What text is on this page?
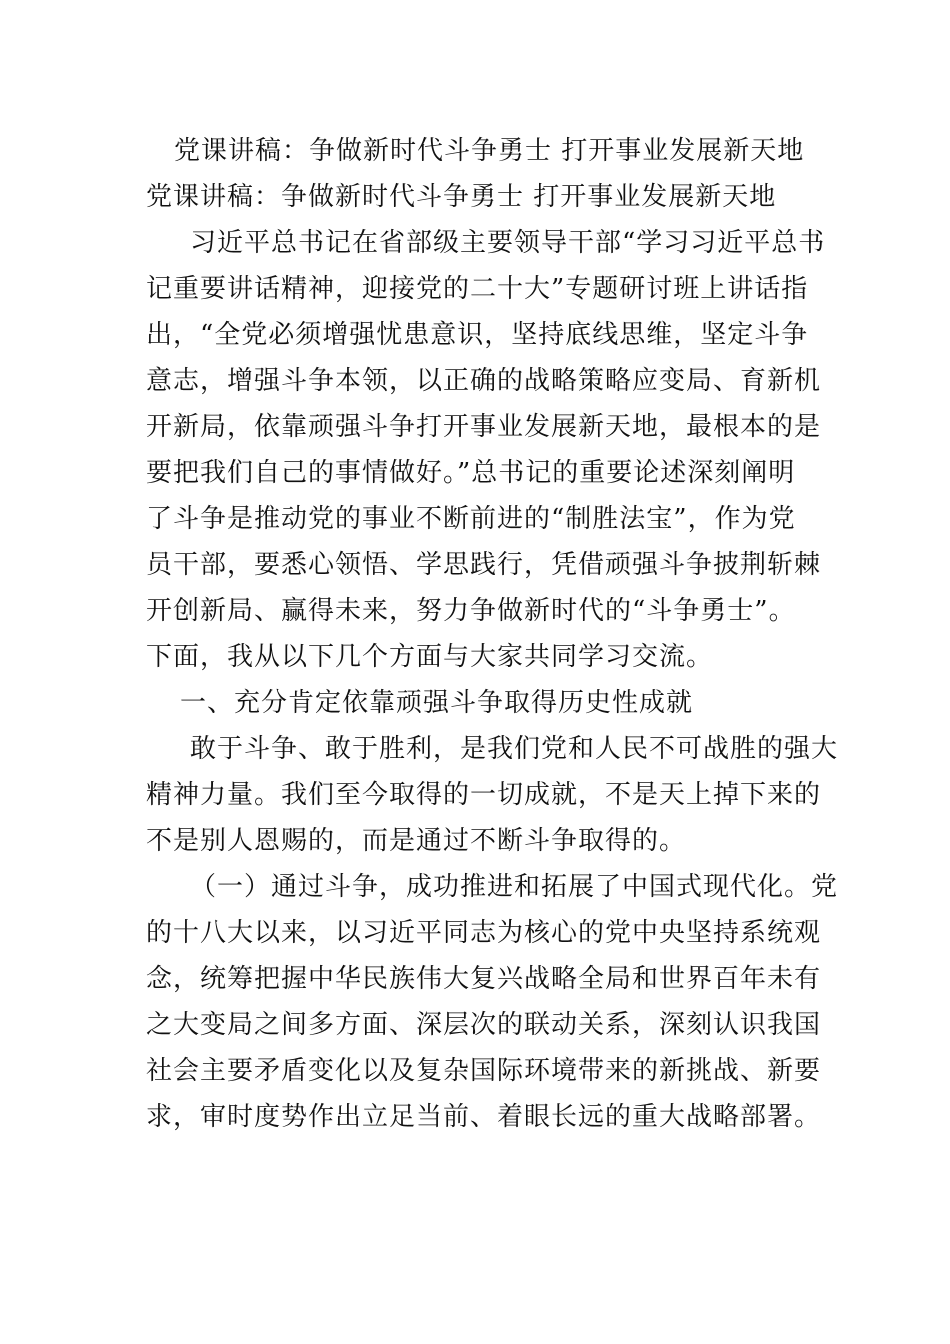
党课讲稿：争做新时代斗争勇士 打开事业发展新天地
党课讲稿：争做新时代斗争勇士 打开事业发展新天地
习近平总书记在省部级主要领导干部“学习习近平总书
记重要讲话精神，迎接党的二十大”专题研讨班上讲话指
出，“全党必须增强忧患意识，坚持底线思维，坚定斗争
意志，增强斗争本领，以正确的战略策略应变局、育新机
开新局，依靠顽强斗争打开事业发展新天地，最根本的是
要把我们自己的事情做好。”总书记的重要论述深刻阐明
了斗争是推动党的事业不断前进的“制胜法宝”，作为党
员干部，要悉心领悟、学思践行，凭借顽强斗争披荆斩棘
开创新局、赢得未来，努力争做新时代的“斗争勇士”。
下面，我从以下几个方面与大家共同学习交流。
一、充分肯定依靠顽强斗争取得历史性成就
敢于斗争、敢于胜利，是我们党和人民不可战胜的强大
精神力量。我们至今取得的一切成就，不是天上掉下来的
不是别人恩赐的，而是通过不断斗争取得的。
（一）通过斗争，成功推进和拓展了中国式现代化。党
的十八大以来，以习近平同志为核心的党中央坚持系统观
念，统筹把握中华民族伟大复兴战略全局和世界百年未有
之大变局之间多方面、深层次的联动关系，深刻认识我国
社会主要矛盾变化以及复杂国际环境带来的新挑战、新要
求，审时度势作出立足当前、着眼长远的重大战略部署。
